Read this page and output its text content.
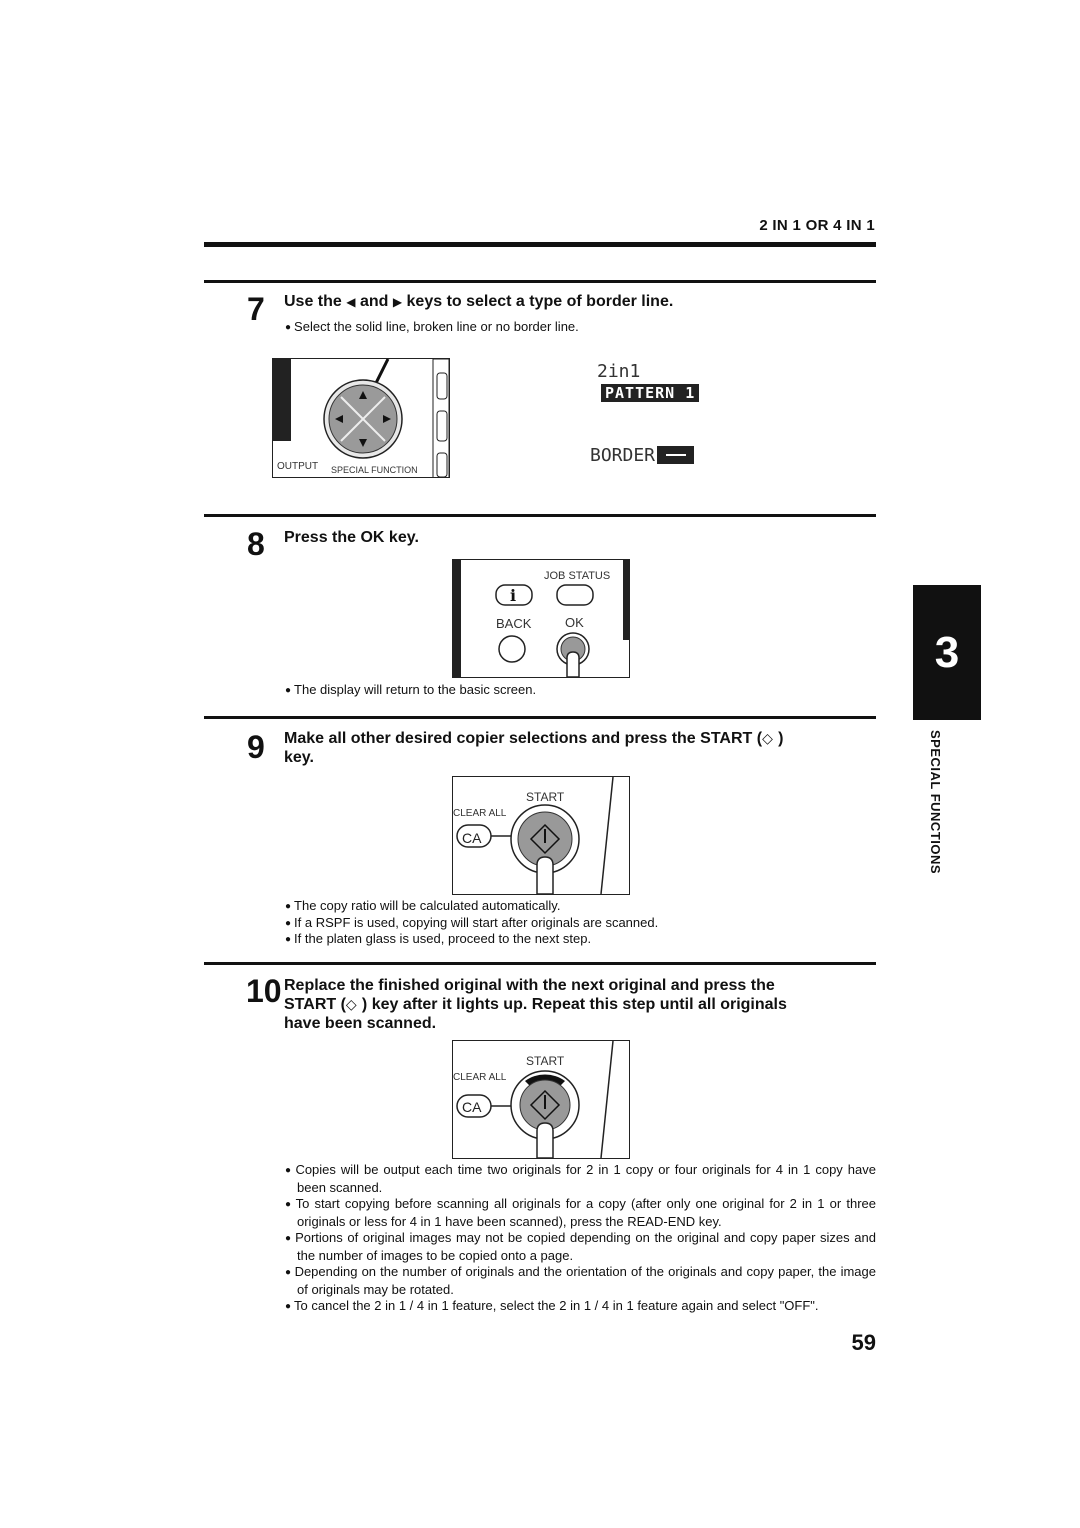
2 IN 1 OR 4 IN 1
7 Use the ◀ and ▶ keys to select a type of border line.
● Select the solid line, broken line or no border line.
OUTPUT SPECIAL FUNCTION
2in1
PATTERN 1
BORDER
8 Press the OK key.
JOB STATUS
i
BACK	OK
● The display will return to the basic screen.
9 Make all other desired copier selections and press the START (◇ )
key.
START
CLEAR ALL
CA
● The copy ratio will be calculated automatically.
● If a RSPF is used, copying will start after originals are scanned.
● If the platen glass is used, proceed to the next step.
10 Replace the finished original with the next original and press the
START (◇ ) key after it lights up. Repeat this step until all originals
have been scanned.
START
CLEAR ALL
CA
● Copies will be output each time two originals for 2 in 1 copy or four originals for 4 in 1 copy have been scanned.
● To start copying before scanning all originals for a copy (after only one original for 2 in 1 or three originals or less for 4 in 1 have been scanned), press the READ-END key.
● Portions of original images may not be copied depending on the original and copy paper sizes and the number of images to be copied onto a page.
● Depending on the number of originals and the orientation of the originals and copy paper, the image of originals may be rotated.
● To cancel the 2 in 1 / 4 in 1 feature, select the 2 in 1 / 4 in 1 feature again and select "OFF".
3
SPECIAL FUNCTIONS
59
